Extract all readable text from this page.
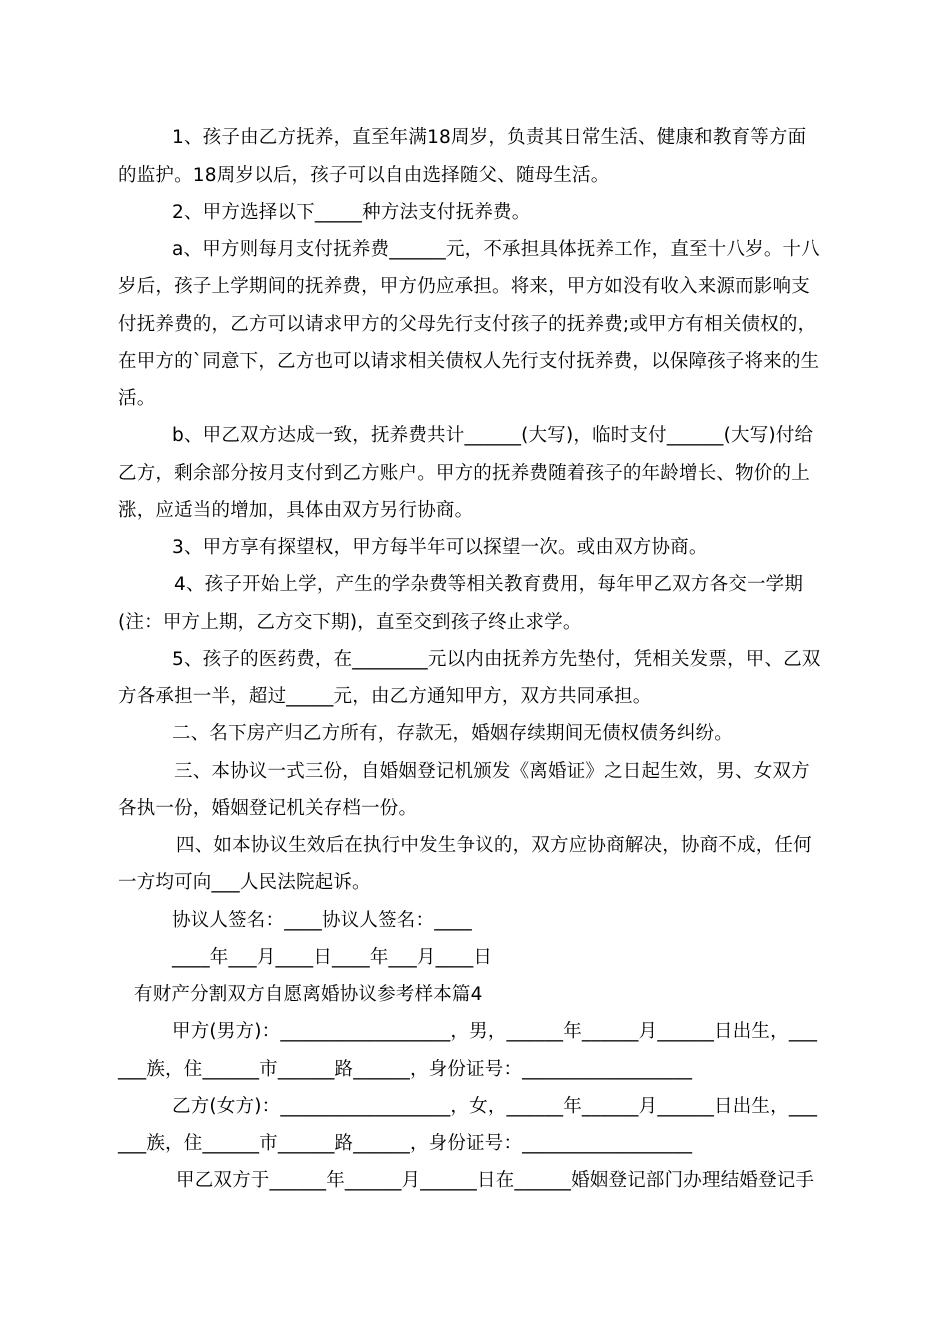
1、孩子由乙方抚养，直至年满18周岁，负责其日常生活、健康和教育等方面
的监护。18周岁以后，孩子可以自由选择随父、随母生活。
2、甲方选择以下_____种方法支付抚养费。
a、甲方则每月支付抚养费______元，不承担具体抚养工作，直至十八岁。十八
岁后，孩子上学期间的抚养费，甲方仍应承担。将来，甲方如没有收入来源而影响支
付抚养费的，乙方可以请求甲方的父母先行支付孩子的抚养费;或甲方有相关债权的，
在甲方的`同意下，乙方也可以请求相关债权人先行支付抚养费，以保障孩子将来的生
活。
b、甲乙双方达成一致，抚养费共计______(大写)，临时支付______(大写)付给
乙方，剩余部分按月支付到乙方账户。甲方的抚养费随着孩子的年龄增长、物价的上
涨，应适当的增加，具体由双方另行协商。
3、甲方享有探望权，甲方每半年可以探望一次。或由双方协商。
4、孩子开始上学，产生的学杂费等相关教育费用，每年甲乙双方各交一学期
(注：甲方上期，乙方交下期)，直至交到孩子终止求学。
5、孩子的医药费，在________元以内由抚养方先垫付，凭相关发票，甲、乙双
方各承担一半，超过_____元，由乙方通知甲方，双方共同承担。
二、名下房产归乙方所有，存款无，婚姻存续期间无债权债务纠纷。
三、本协议一式三份，自婚姻登记机颁发《离婚证》之日起生效，男、女双方
各执一份，婚姻登记机关存档一份。
四、如本协议生效后在执行中发生争议的，双方应协商解决，协商不成，任何
一方均可向___人民法院起诉。
协议人签名：____协议人签名：____
____年___月____日____年___月____日
有财产分割双方自愿离婚协议参考样本篇4
甲方(男方)：__________________，男，______年______月______日出生，___
___族，住______市______路______，身份证号：__________________
乙方(女方)：__________________，女，______年______月______日出生，___
___族，住______市______路______，身份证号：__________________
甲乙双方于______年______月______日在______婚姻登记部门办理结婚登记手
